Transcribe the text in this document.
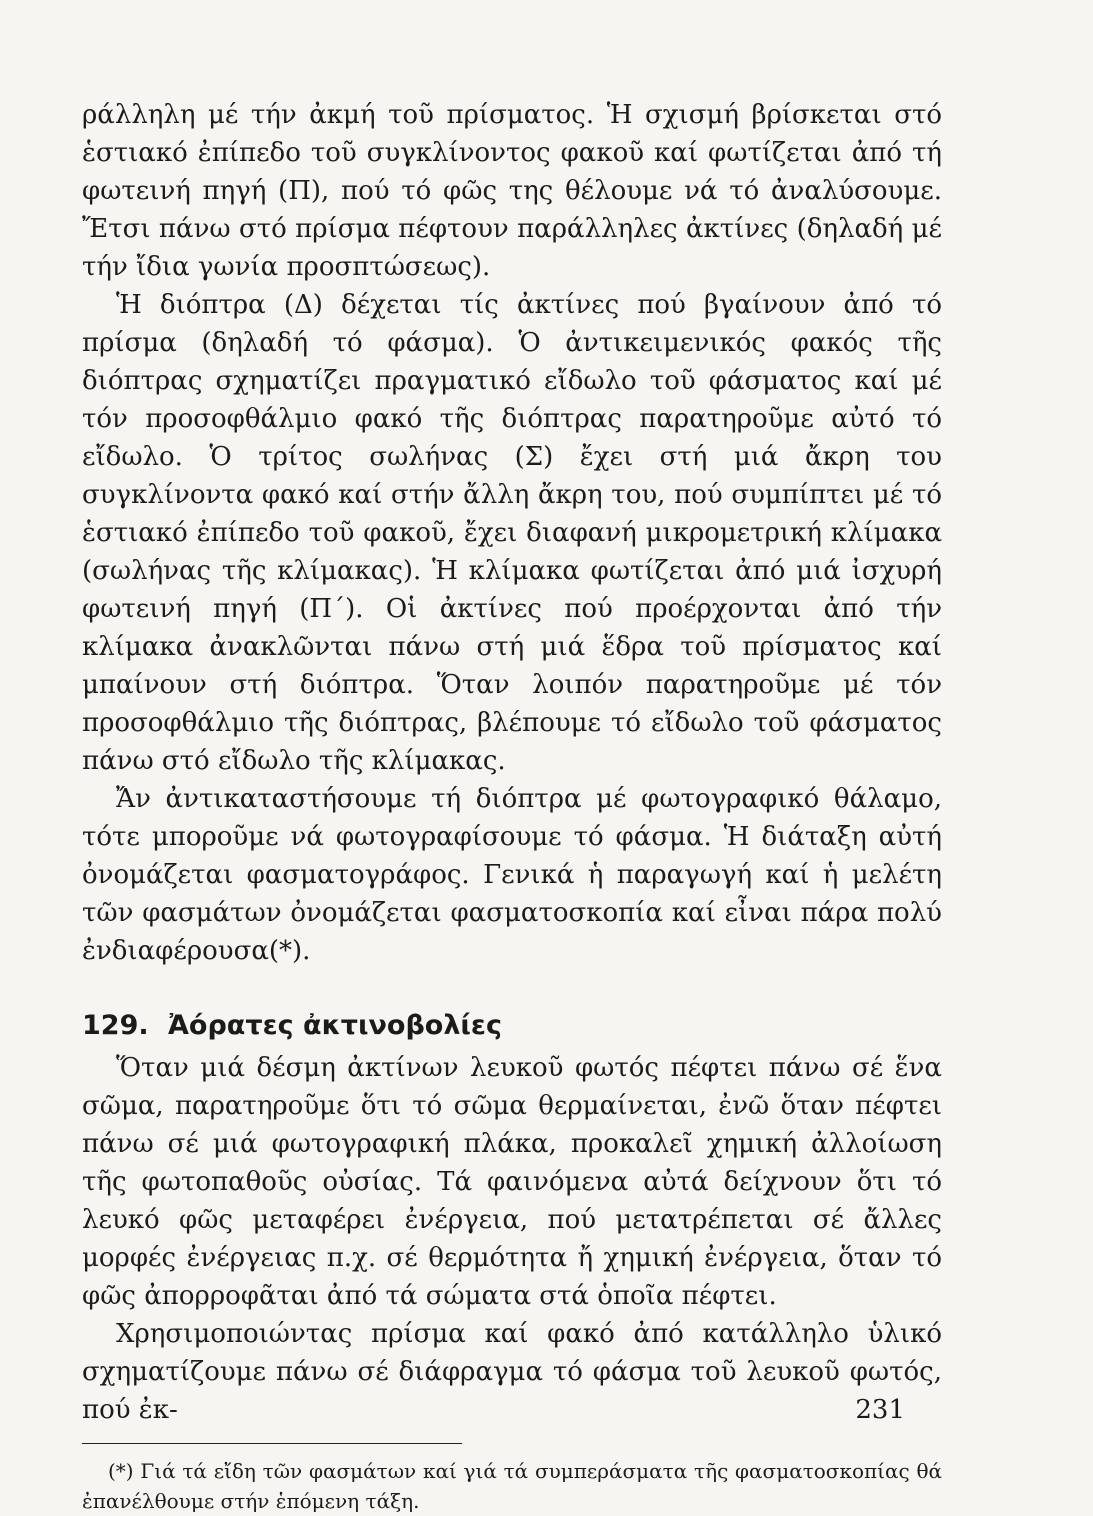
ράλληλη μέ τήν ἀκμή τοῦ πρίσματος. Ἡ σχισμή βρίσκεται στό ἑστιακό ἐπίπεδο τοῦ συγκλίνοντος φακοῦ καί φωτίζεται ἀπό τή φωτεινή πηγή (Π), πού τό φῶς της θέλουμε νά τό ἀναλύσουμε. Ἔτσι πάνω στό πρίσμα πέφτουν παράλληλες ἀκτίνες (δηλαδή μέ τήν ἴδια γωνία προσπτώσεως).

Ἡ διόπτρα (Δ) δέχεται τίς ἀκτίνες πού βγαίνουν ἀπό τό πρίσμα (δηλαδή τό φάσμα). Ὁ ἀντικειμενικός φακός τῆς διόπτρας σχηματίζει πραγματικό εἴδωλο τοῦ φάσματος καί μέ τόν προσοφθάλμιο φακό τῆς διόπτρας παρατηροῦμε αὐτό τό εἴδωλο. Ὁ τρίτος σωλήνας (Σ) ἔχει στή μιά ἄκρη του συγκλίνοντα φακό καί στήν ἄλλη ἄκρη του, πού συμπίπτει μέ τό ἑστιακό ἐπίπεδο τοῦ φακοῦ, ἔχει διαφανή μικρομετρική κλίμακα (σωλήνας τῆς κλίμακας). Ἡ κλίμακα φωτίζεται ἀπό μιά ἰσχυρή φωτεινή πηγή (Π΄). Οἱ ἀκτίνες πού προέρχονται ἀπό τήν κλίμακα ἀνακλῶνται πάνω στή μιά ἕδρα τοῦ πρίσματος καί μπαίνουν στή διόπτρα. Ὅταν λοιπόν παρατηροῦμε μέ τόν προσοφθάλμιο τῆς διόπτρας, βλέπουμε τό εἴδωλο τοῦ φάσματος πάνω στό εἴδωλο τῆς κλίμακας.

Ἄν ἀντικαταστήσουμε τή διόπτρα μέ φωτογραφικό θάλαμο, τότε μποροῦμε νά φωτογραφίσουμε τό φάσμα. Ἡ διάταξη αὐτή ὀνομάζεται φασματογράφος. Γενικά ἡ παραγωγή καί ἡ μελέτη τῶν φασμάτων ὀνομάζεται φασματοσκοπία καί εἶναι πάρα πολύ ἐνδιαφέρουσα(*).

129. Ἀόρατες ἀκτινοβολίες

Ὅταν μιά δέσμη ἀκτίνων λευκοῦ φωτός πέφτει πάνω σέ ἕνα σῶμα, παρατηροῦμε ὅτι τό σῶμα θερμαίνεται, ἐνῶ ὅταν πέφτει πάνω σέ μιά φωτογραφική πλάκα, προκαλεῖ χημική ἀλλοίωση τῆς φωτοπαθοῦς οὐσίας. Τά φαινόμενα αὐτά δείχνουν ὅτι τό λευκό φῶς μεταφέρει ἐνέργεια, πού μετατρέπεται σέ ἄλλες μορφές ἐνέργειας π.χ. σέ θερμότητα ἤ χημική ἐνέργεια, ὅταν τό φῶς ἀπορροφᾶται ἀπό τά σώματα στά ὁποῖα πέφτει.

Χρησιμοποιώντας πρίσμα καί φακό ἀπό κατάλληλο ὑλικό σχηματίζουμε πάνω σέ διάφραγμα τό φάσμα τοῦ λευκοῦ φωτός, πού ἐκ-

(*) Γιά τά εἴδη τῶν φασμάτων καί γιά τά συμπεράσματα τῆς φασματοσκοπίας θά ἐπανέλθουμε στήν ἑπόμενη τάξη.

231
